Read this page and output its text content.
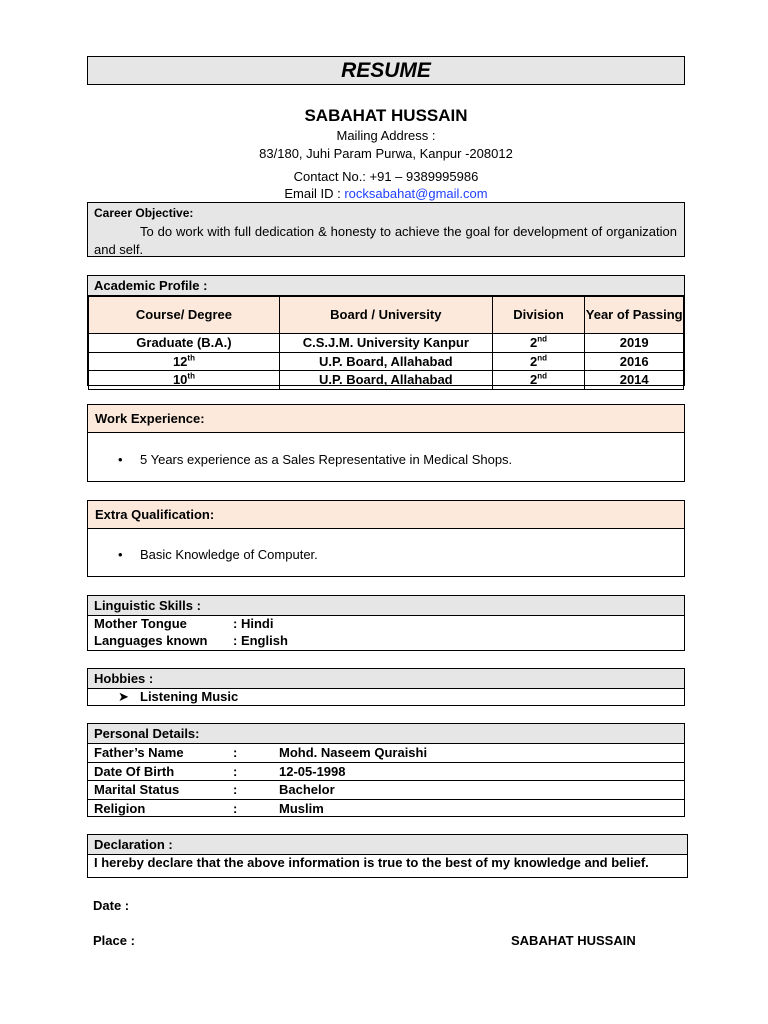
RESUME
SABAHAT HUSSAIN
Mailing Address :
83/180, Juhi Param Purwa, Kanpur -208012
Contact No.: +91 – 9389995986
Email ID : rocksabahat@gmail.com
Career Objective:
To do work with full dedication & honesty to achieve the goal for development of organization and self.
Academic Profile :
Course/ Degree	Board / University	Division	Year of Passing
Graduate (B.A.)	C.S.J.M. University Kanpur	2nd	2019
12th	U.P. Board, Allahabad	2nd	2016
10th	U.P. Board, Allahabad	2nd	2014
Work Experience:
• 5 Years experience as a Sales Representative in Medical Shops.
Extra Qualification:
• Basic Knowledge of Computer.
Linguistic Skills :
Mother Tongue	: Hindi
Languages known : English
Hobbies :
➤ Listening Music
Personal Details:
Father’s Name	:	Mohd. Naseem Quraishi
Date Of Birth	:	12-05-1998
Marital Status	:	Bachelor
Religion	:	Muslim
Declaration :
I hereby declare that the above information is true to the best of my knowledge and belief.
Date :
Place :	SABAHAT HUSSAIN
